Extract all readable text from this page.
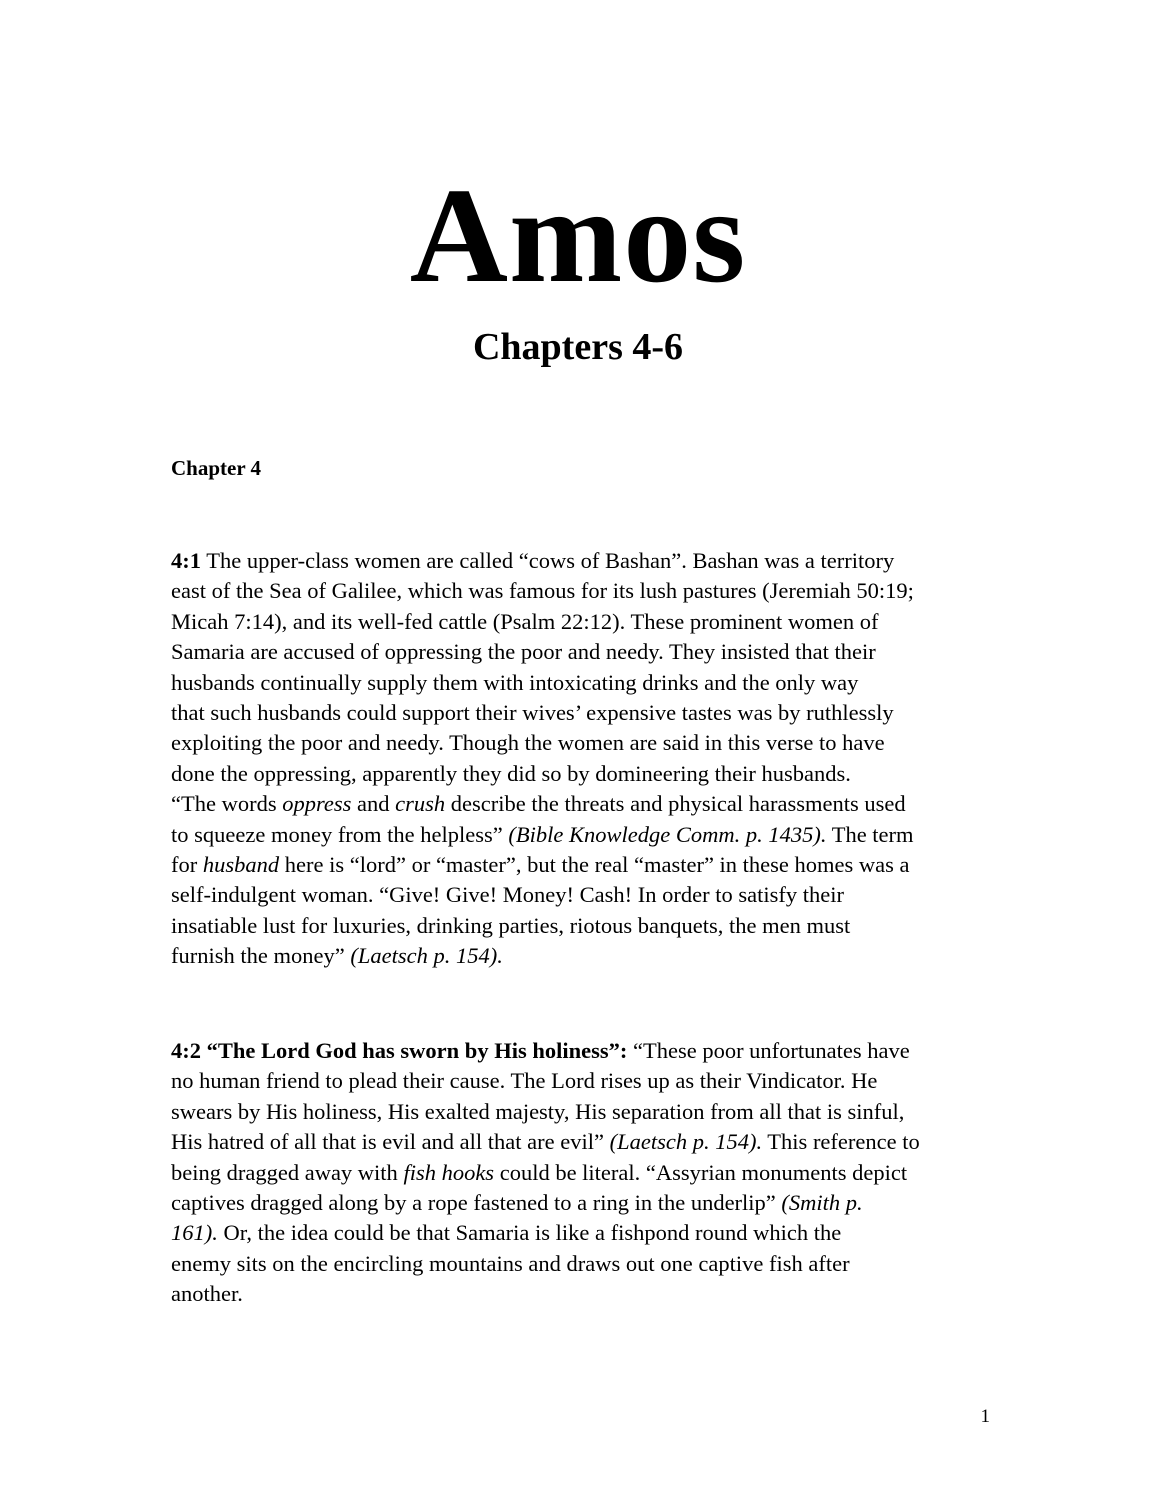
Amos
Chapters 4-6
Chapter 4

4:1 The upper-class women are called “cows of Bashan”. Bashan was a territory
east of the Sea of Galilee, which was famous for its lush pastures (Jeremiah 50:19;
Micah 7:14), and its well-fed cattle (Psalm 22:12). These prominent women of
Samaria are accused of oppressing the poor and needy. They insisted that their
husbands continually supply them with intoxicating drinks and the only way
that such husbands could support their wives’ expensive tastes was by ruthlessly
exploiting the poor and needy. Though the women are said in this verse to have
done the oppressing, apparently they did so by domineering their husbands.
“The words oppress and crush describe the threats and physical harassments used
to squeeze money from the helpless” (Bible Knowledge Comm. p. 1435). The term
for husband here is “lord” or “master”, but the real “master” in these homes was a
self-indulgent woman. “Give! Give! Money! Cash! In order to satisfy their
insatiable lust for luxuries, drinking parties, riotous banquets, the men must
furnish the money” (Laetsch p. 154).

4:2 “The Lord God has sworn by His holiness”: “These poor unfortunates have
no human friend to plead their cause. The Lord rises up as their Vindicator. He
swears by His holiness, His exalted majesty, His separation from all that is sinful,
His hatred of all that is evil and all that are evil” (Laetsch p. 154). This reference to
being dragged away with fish hooks could be literal. “Assyrian monuments depict
captives dragged along by a rope fastened to a ring in the underlip” (Smith p.
161). Or, the idea could be that Samaria is like a fishpond round which the
enemy sits on the encircling mountains and draws out one captive fish after
another.

1
